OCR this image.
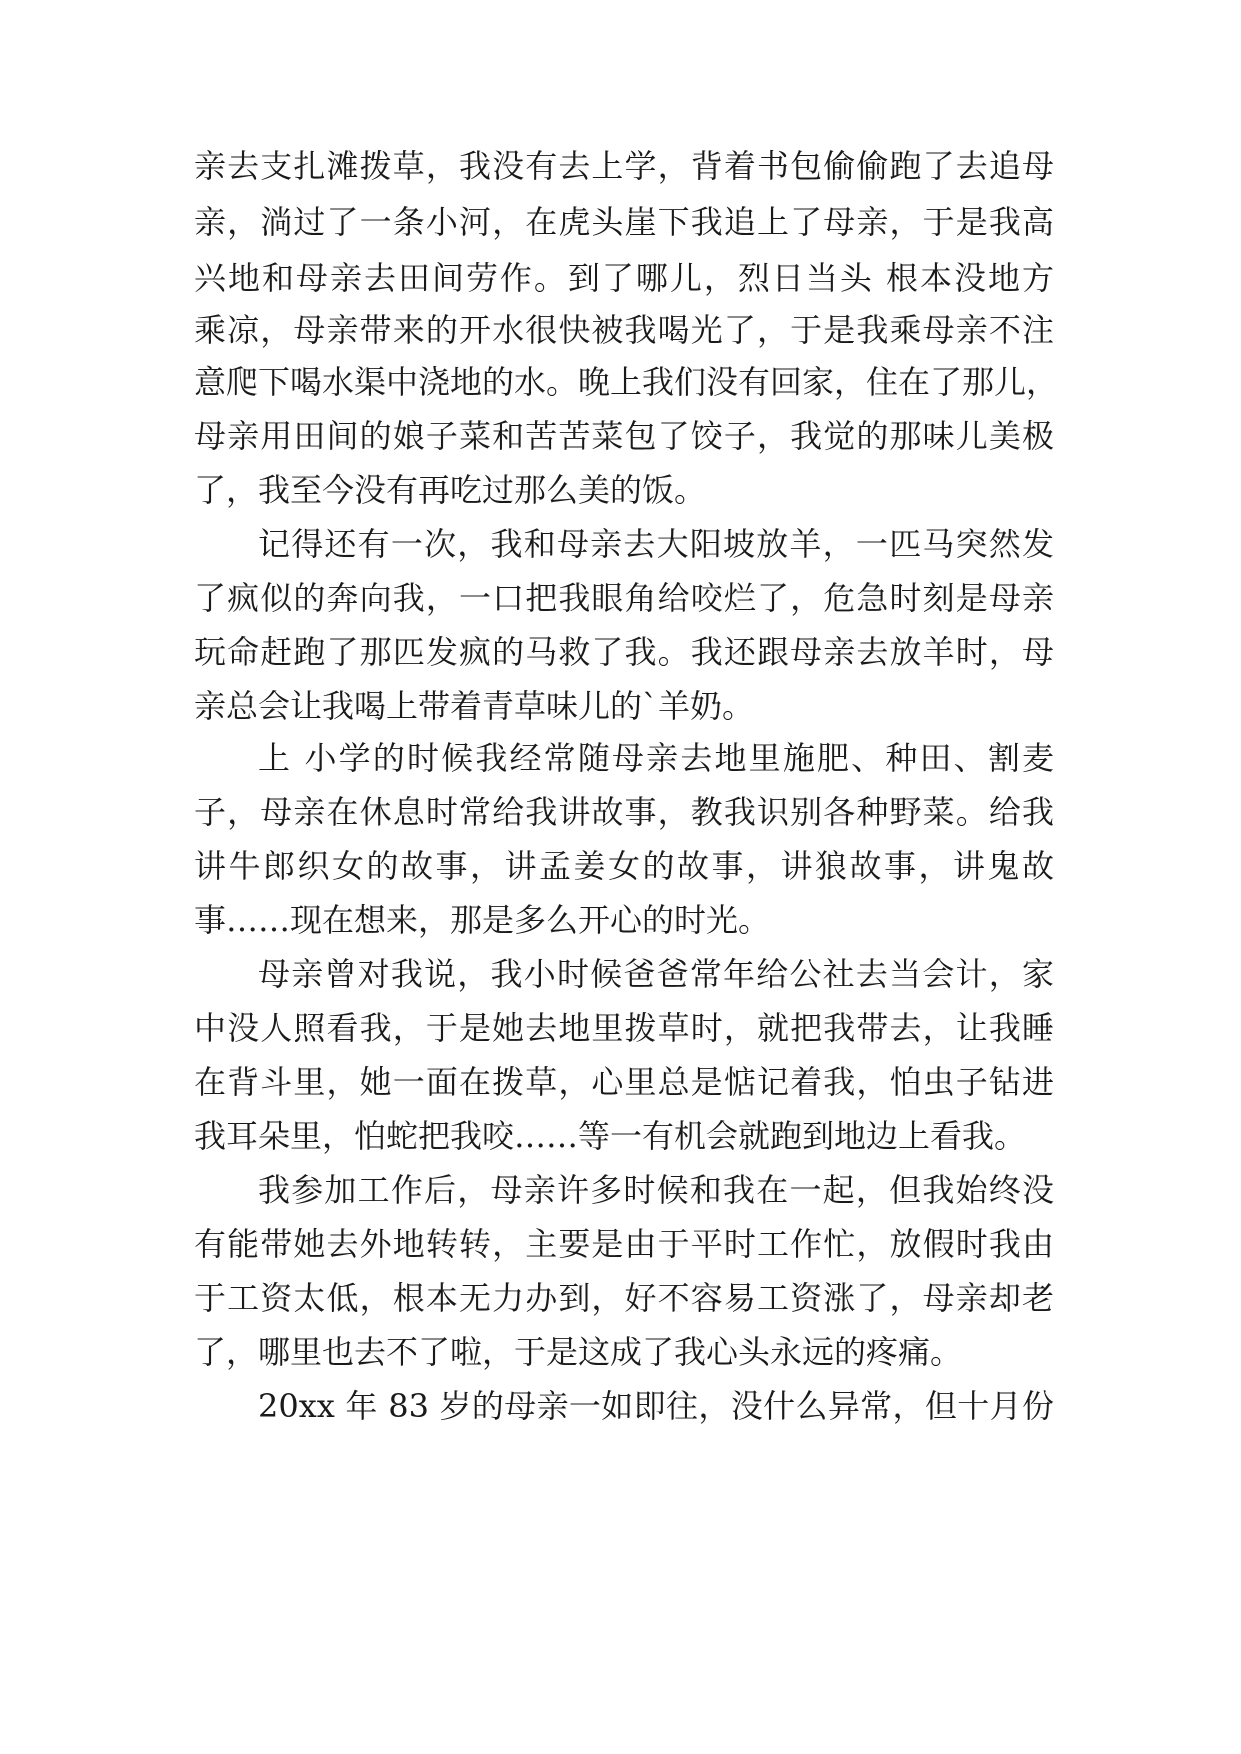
亲去支扎滩拨草，我没有去上学，背着书包偷偷跑了去追母
亲，淌过了一条小河，在虎头崖下我追上了母亲，于是我高
兴地和母亲去田间劳作。到了哪儿，烈日当头 根本没地方
乘凉，母亲带来的开水很快被我喝光了，于是我乘母亲不注
意爬下喝水渠中浇地的水。晚上我们没有回家，住在了那儿，
母亲用田间的娘子菜和苦苦菜包了饺子，我觉的那味儿美极
了，我至今没有再吃过那么美的饭。
记得还有一次，我和母亲去大阳坡放羊，一匹马突然发
了疯似的奔向我，一口把我眼角给咬烂了，危急时刻是母亲
玩命赶跑了那匹发疯的马救了我。我还跟母亲去放羊时，母
亲总会让我喝上带着青草味儿的`羊奶。
上 小学的时候我经常随母亲去地里施肥、种田、割麦
子，母亲在休息时常给我讲故事，教我识别各种野菜。给我
讲牛郎织女的故事，讲孟姜女的故事，讲狼故事，讲鬼故
事……现在想来，那是多么开心的时光。
母亲曾对我说，我小时候爸爸常年给公社去当会计，家
中没人照看我，于是她去地里拨草时，就把我带去，让我睡
在背斗里，她一面在拨草，心里总是惦记着我，怕虫子钻进
我耳朵里，怕蛇把我咬……等一有机会就跑到地边上看我。
我参加工作后，母亲许多时候和我在一起，但我始终没
有能带她去外地转转，主要是由于平时工作忙，放假时我由
于工资太低，根本无力办到，好不容易工资涨了，母亲却老
了，哪里也去不了啦，于是这成了我心头永远的疼痛。
20xx 年 83 岁的母亲一如即往，没什么异常，但十月份
